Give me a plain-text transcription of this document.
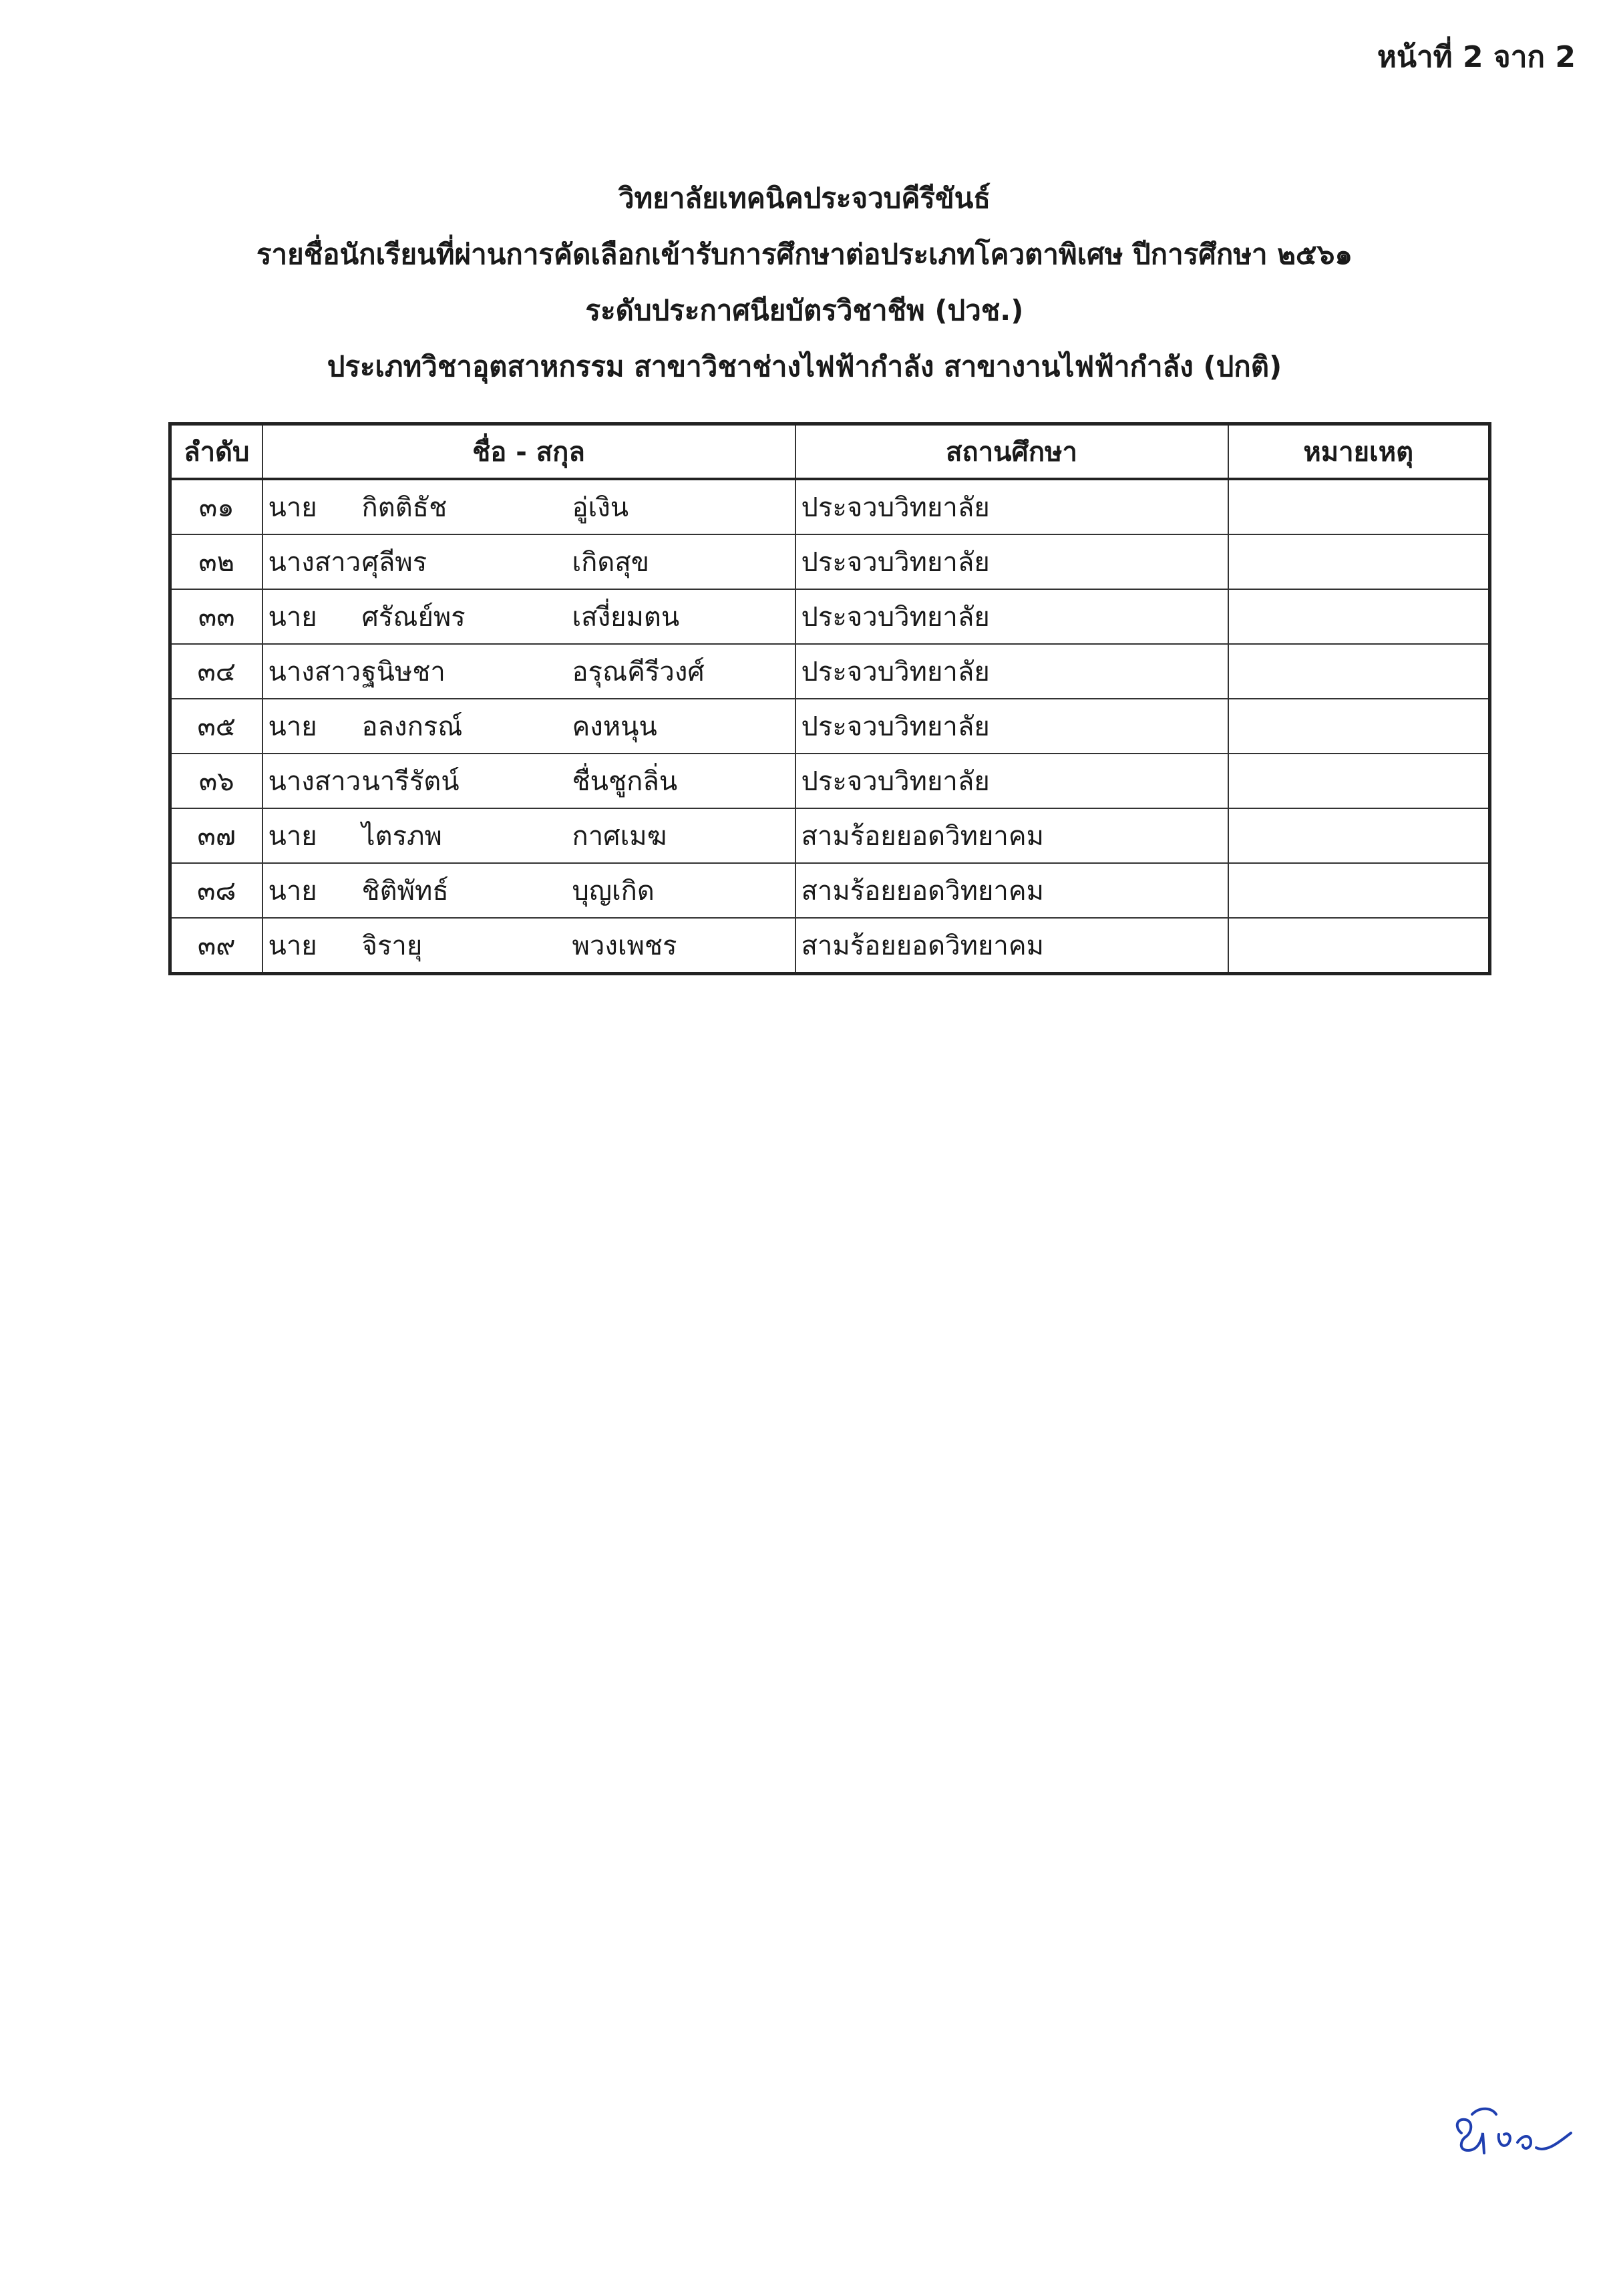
หน้าที่ 2 จาก 2
วิทยาลัยเทคนิคประจวบคีรีขันธ์
รายชื่อนักเรียนที่ผ่านการคัดเลือกเข้ารับการศึกษาต่อประเภทโควตาพิเศษ ปีการศึกษา ๒๕๖๑
ระดับประกาศนียบัตรวิชาชีพ (ปวช.)
ประเภทวิชาอุตสาหกรรม สาขาวิชาช่างไฟฟ้ากำลัง สาขางานไฟฟ้ากำลัง (ปกติ)
ลำดับ	ชื่อ - สกุล	สถานศึกษา	หมายเหตุ
๓๑	นาย กิตติธัช อู่เงิน	ประจวบวิทยาลัย	
๓๒	นางสาวศุลีพร เกิดสุข	ประจวบวิทยาลัย	
๓๓	นาย ศรัณย์พร เสงี่ยมตน	ประจวบวิทยาลัย	
๓๔	นางสาวฐนิษชา อรุณคีรีวงศ์	ประจวบวิทยาลัย	
๓๕	นาย อลงกรณ์ คงหนุน	ประจวบวิทยาลัย	
๓๖	นางสาวนารีรัตน์ ชื่นชูกลิ่น	ประจวบวิทยาลัย	
๓๗	นาย ไตรภพ กาศเมฆ	สามร้อยยอดวิทยาคม	
๓๘	นาย ชิติพัทธ์ บุญเกิด	สามร้อยยอดวิทยาคม	
๓๙	นาย จิรายุ พวงเพชร	สามร้อยยอดวิทยาคม	
